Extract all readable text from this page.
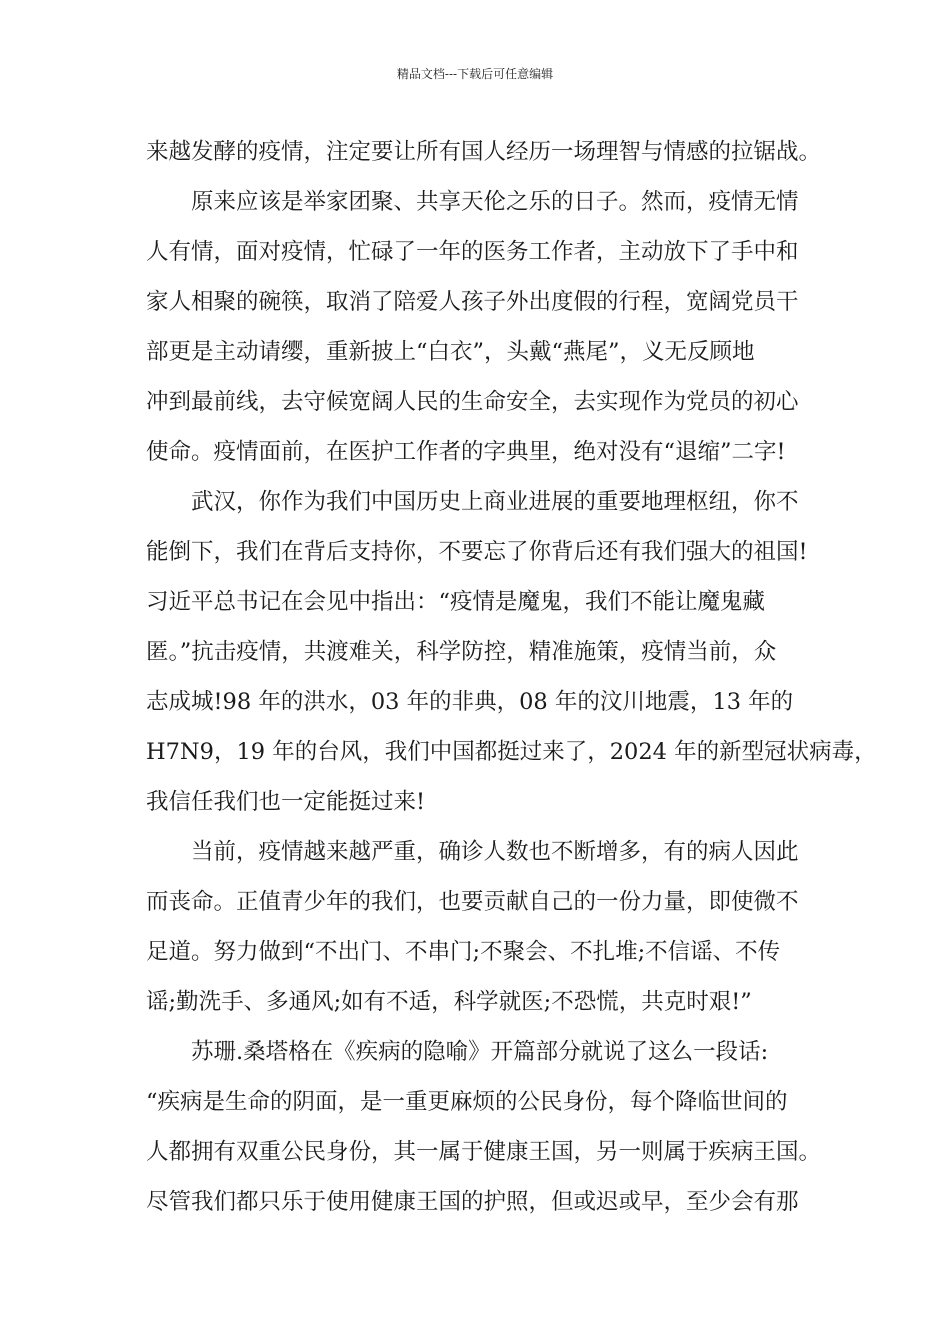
精品文档---下载后可任意编辑

来越发酵的疫情，注定要让所有国人经历一场理智与情感的拉锯战。

原来应该是举家团聚、共享天伦之乐的日子。然而，疫情无情
人有情，面对疫情，忙碌了一年的医务工作者，主动放下了手中和
家人相聚的碗筷，取消了陪爱人孩子外出度假的行程，宽阔党员干
部更是主动请缨，重新披上“白衣”，头戴“燕尾”，义无反顾地
冲到最前线，去守候宽阔人民的生命安全，去实现作为党员的初心
使命。疫情面前，在医护工作者的字典里，绝对没有“退缩”二字!

武汉，你作为我们中国历史上商业进展的重要地理枢纽，你不
能倒下，我们在背后支持你，不要忘了你背后还有我们强大的祖国!
习近平总书记在会见中指出：“疫情是魔鬼，我们不能让魔鬼藏
匿。”抗击疫情，共渡难关，科学防控，精准施策，疫情当前，众
志成城!98 年的洪水，03 年的非典，08 年的汶川地震，13 年的
H7N9，19 年的台风，我们中国都挺过来了，2024 年的新型冠状病毒，
我信任我们也一定能挺过来!

当前，疫情越来越严重，确诊人数也不断增多，有的病人因此
而丧命。正值青少年的我们，也要贡献自己的一份力量，即使微不
足道。努力做到“不出门、不串门;不聚会、不扎堆;不信谣、不传
谣;勤洗手、多通风;如有不适，科学就医;不恐慌，共克时艰!”

苏珊.桑塔格在《疾病的隐喻》开篇部分就说了这么一段话:
“疾病是生命的阴面，是一重更麻烦的公民身份，每个降临世间的
人都拥有双重公民身份，其一属于健康王国，另一则属于疾病王国。
尽管我们都只乐于使用健康王国的护照，但或迟或早，至少会有那
